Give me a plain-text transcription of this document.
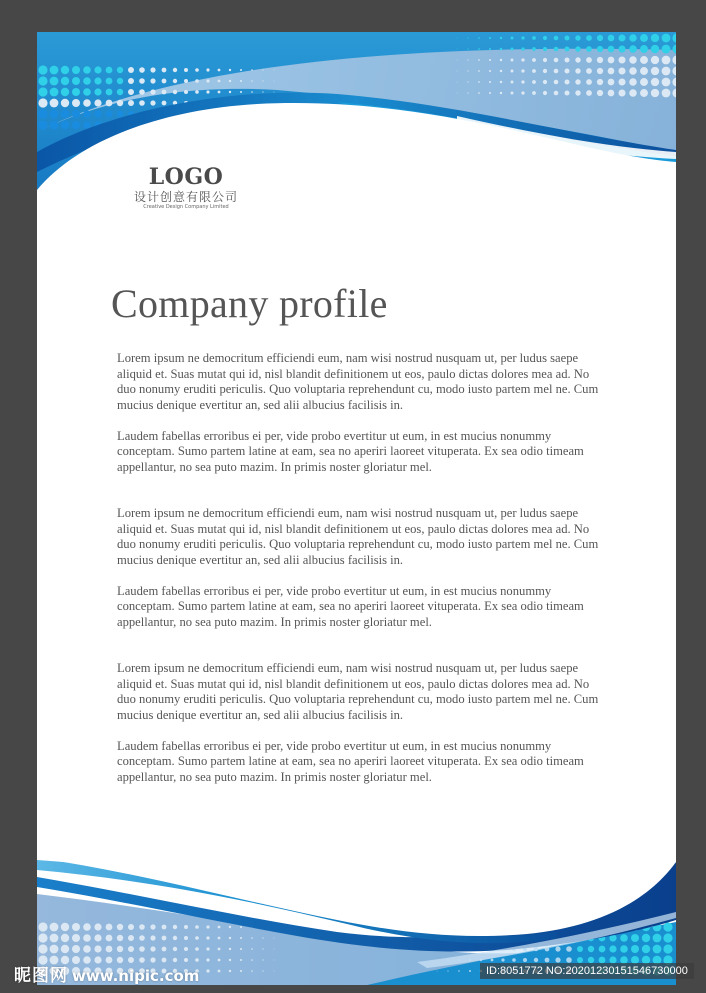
LOGO
设计创意有限公司
Creative Design Company Limited
Company profile

Lorem ipsum ne democritum efficiendi eum, nam wisi nostrud nusquam ut, per ludus saepe aliquid et. Suas mutat qui id, nisl blandit definitionem ut eos, paulo dictas dolores mea ad. No duo nonumy eruditi periculis. Quo voluptaria reprehendunt cu, modo iusto partem mel ne. Cum mucius denique evertitur an, sed alii albucius facilisis in.

Laudem fabellas erroribus ei per, vide probo evertitur ut eum, in est mucius nonummy conceptam. Sumo partem latine at eam, sea no aperiri laoreet vituperata. Ex sea odio timeam appellantur, no sea puto mazim. In primis noster gloriatur mel.

Lorem ipsum ne democritum efficiendi eum, nam wisi nostrud nusquam ut, per ludus saepe aliquid et. Suas mutat qui id, nisl blandit definitionem ut eos, paulo dictas dolores mea ad. No duo nonumy eruditi periculis. Quo voluptaria reprehendunt cu, modo iusto partem mel ne. Cum mucius denique evertitur an, sed alii albucius facilisis in.

Laudem fabellas erroribus ei per, vide probo evertitur ut eum, in est mucius nonummy conceptam. Sumo partem latine at eam, sea no aperiri laoreet vituperata. Ex sea odio timeam appellantur, no sea puto mazim. In primis noster gloriatur mel.

Lorem ipsum ne democritum efficiendi eum, nam wisi nostrud nusquam ut, per ludus saepe aliquid et. Suas mutat qui id, nisl blandit definitionem ut eos, paulo dictas dolores mea ad. No duo nonumy eruditi periculis. Quo voluptaria reprehendunt cu, modo iusto partem mel ne. Cum mucius denique evertitur an, sed alii albucius facilisis in.

Laudem fabellas erroribus ei per, vide probo evertitur ut eum, in est mucius nonummy conceptam. Sumo partem latine at eam, sea no aperiri laoreet vituperata. Ex sea odio timeam appellantur, no sea puto mazim. In primis noster gloriatur mel.

昵图网 www.nipic.com	ID:8051772 NO:20201230151546730000
